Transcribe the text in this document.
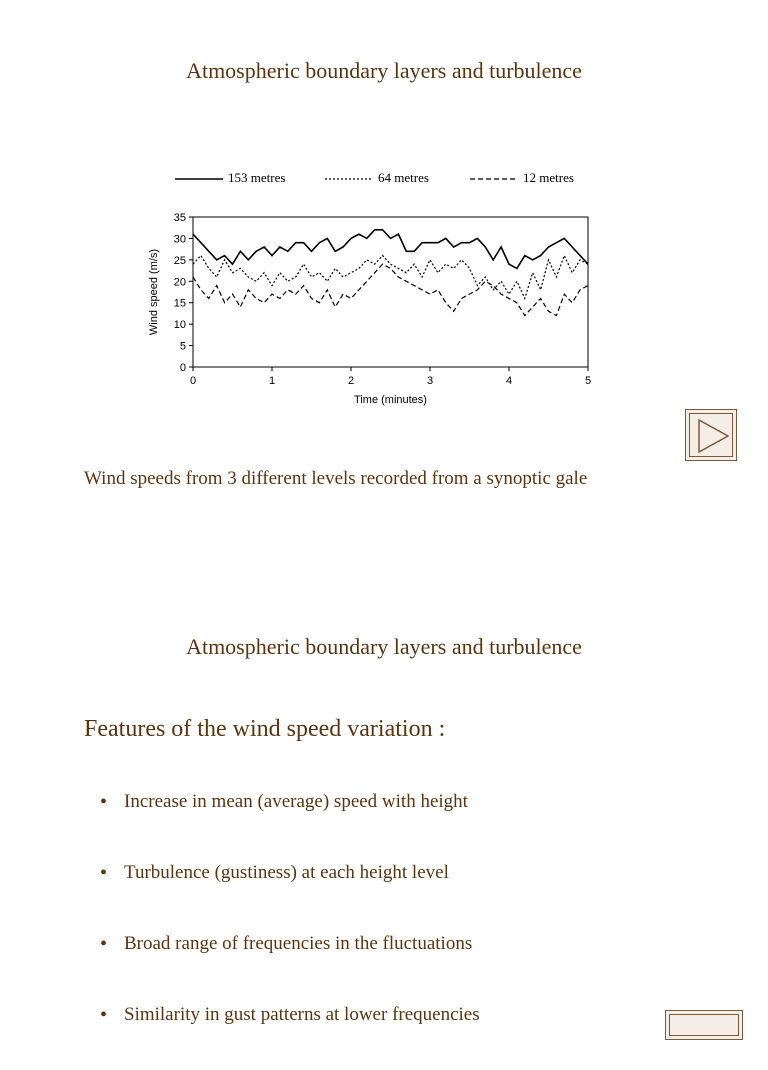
Atmospheric boundary layers and turbulence
153 metres	64 metres	12 metres
0
5
10
15
20
25
30
35
0	1	2	3	4	5
Wind speed (m/s)
Time (minutes)

Wind speeds from 3 different levels recorded from a synoptic gale

Atmospheric boundary layers and turbulence
Features of the wind speed variation :
• Increase in mean (average) speed with height
• Turbulence (gustiness) at each height level
• Broad range of frequencies in the fluctuations
• Similarity in gust patterns at lower frequencies
